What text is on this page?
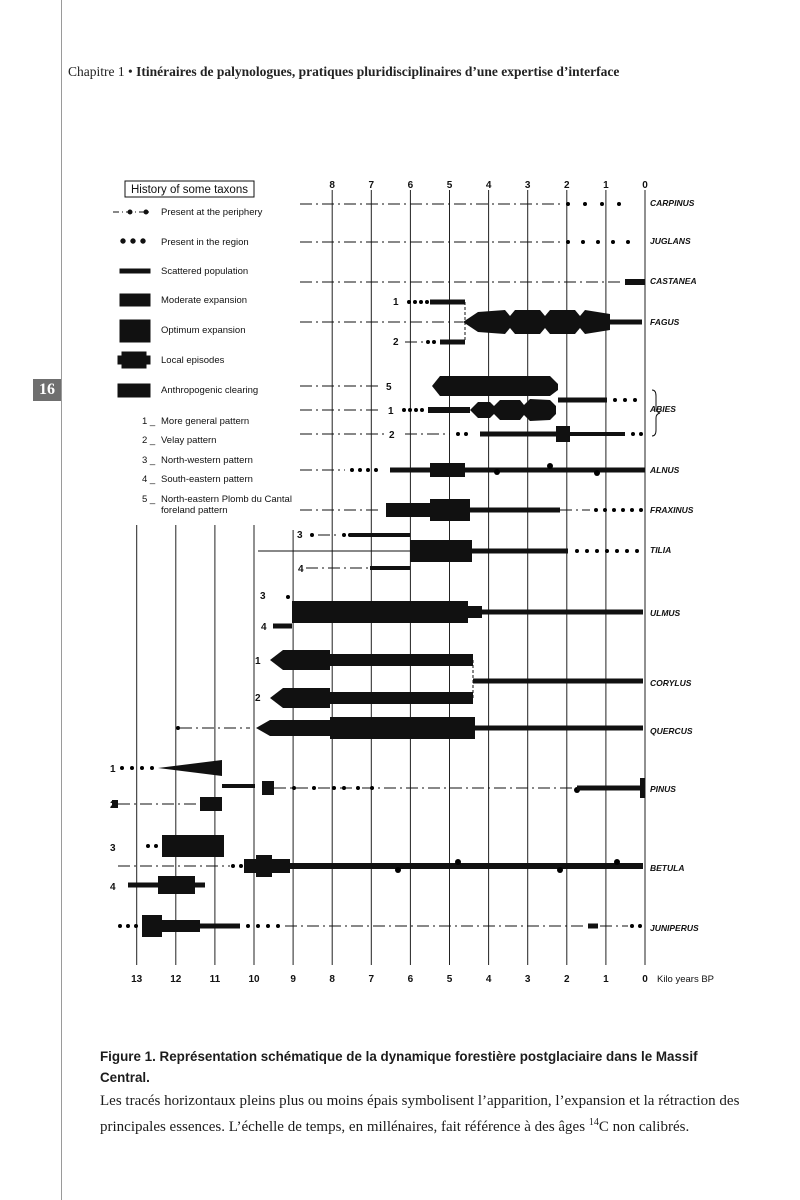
Chapitre 1 • Itinéraires de palynologues, pratiques pluridisciplinaires d’une expertise d’interface
16
History of some taxons
Present at the periphery
Present in the region
Scattered population
Moderate expansion
Optimum expansion
Local episodes
Anthropogenic clearing
1 _ More general pattern
2 _ Velay pattern
3 _ North-western pattern
4 _ South-eastern pattern
5 _ North-eastern Plomb du Cantal
foreland pattern
8	7	6	5	4	3	2	1	0
13	12	11	10	9	8	7	6	5	4	3	2	1	0 Kilo years BP
CARPINUS
JUGLANS
CASTANEA
FAGUS
ABIES
ALNUS
FRAXINUS
TILIA
ULMUS
CORYLUS
QUERCUS
PINUS
BETULA
JUNIPERUS
1
2
5
1
2
3
4
3
4
1
2
1
2
3
4
Figure 1. Représentation schématique de la dynamique forestière postglaciaire dans le Massif Central.
Les tracés horizontaux pleins plus ou moins épais symbolisent l’apparition, l’expansion et la rétraction des principales essences. L’échelle de temps, en millénaires, fait référence à des âges $^{14}$C non calibrés.
